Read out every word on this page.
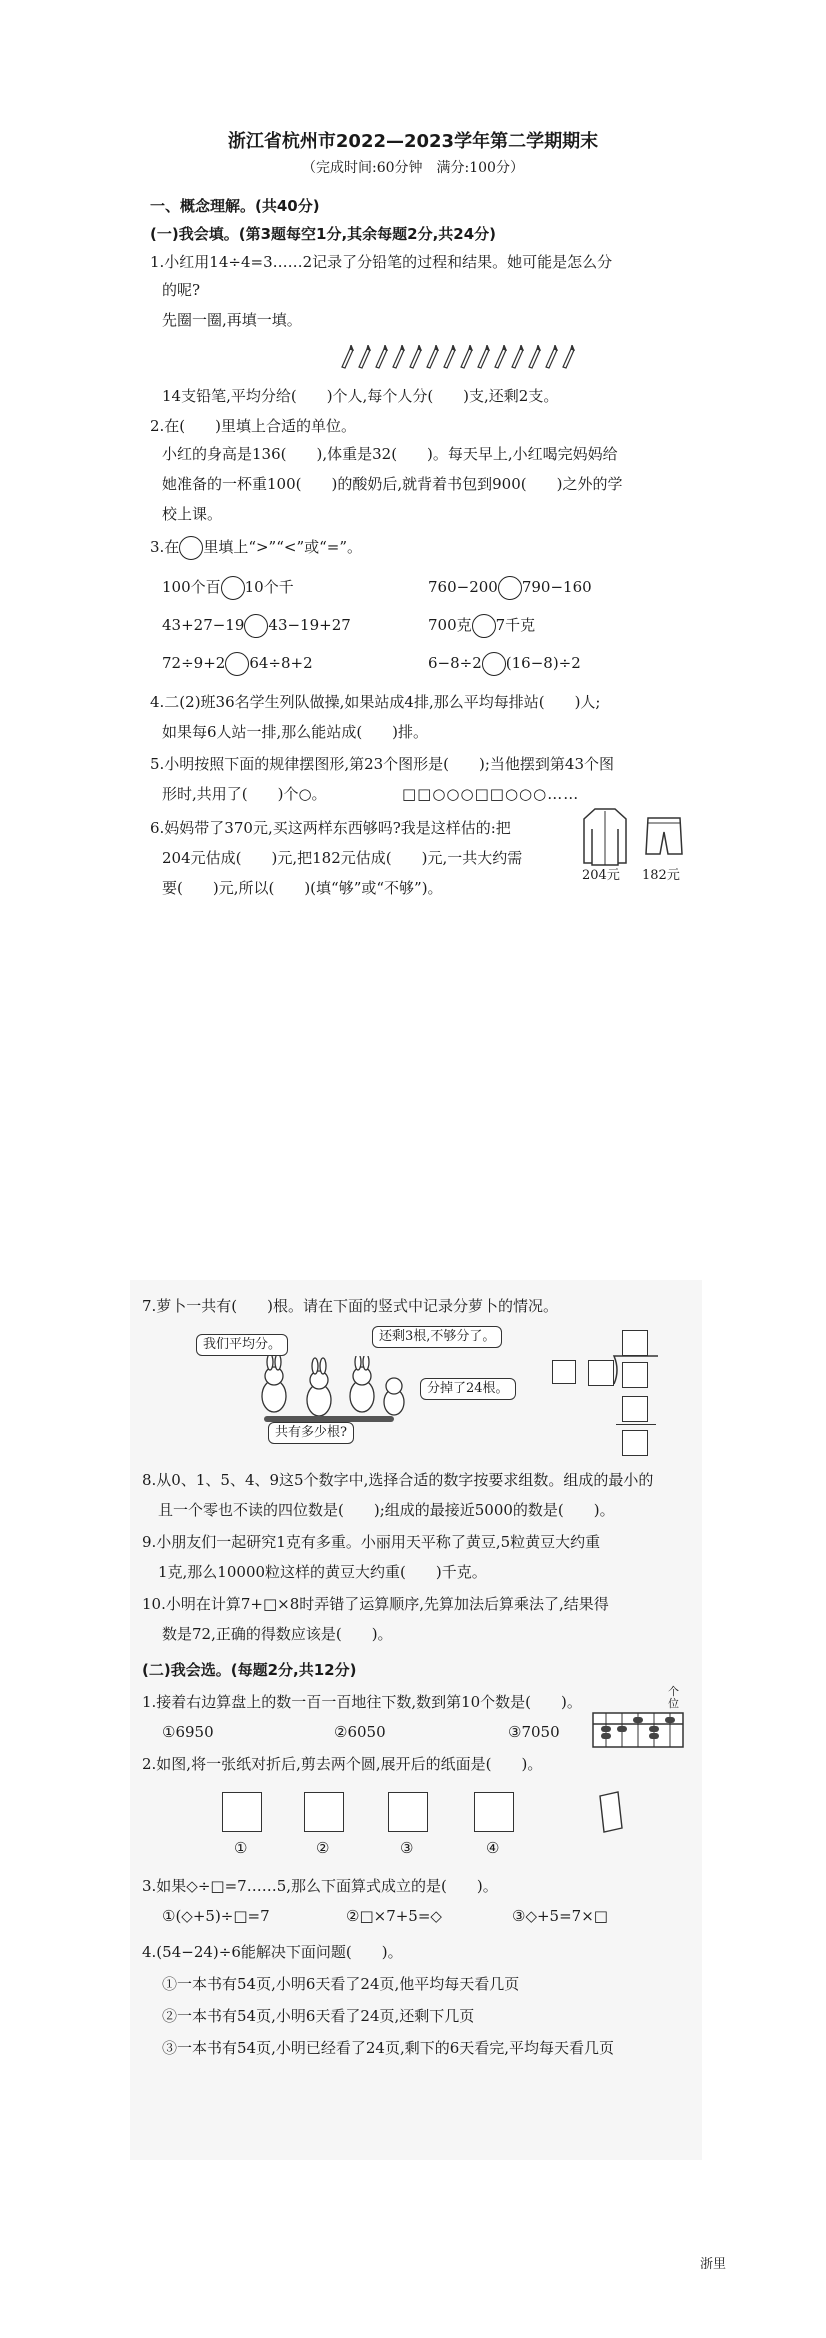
浙江省杭州市2022—2023学年第二学期期末
（完成时间:60分钟　满分:100分）
一、概念理解。(共40分)
(一)我会填。(第3题每空1分,其余每题2分,共24分)
1.小红用14÷4=3……2记录了分铅笔的过程和结果。她可能是怎么分
的呢?
先圈一圈,再填一填。
14支铅笔,平均分给(　　)个人,每个人分(　　)支,还剩2支。
2.在(　　)里填上合适的单位。
小红的身高是136(　　),体重是32(　　)。每天早上,小红喝完妈妈给
她准备的一杯重100(　　)的酸奶后,就背着书包到900(　　)之外的学
校上课。
3.在 里填上“>”“<”或“=”。
100个百 10个千	760−200 790−160
43+27−19 43−19+27	700克 7千克
72÷9+2 64÷8+2	6−8÷2 (16−8)÷2
4.二(2)班36名学生列队做操,如果站成4排,那么平均每排站(　　)人;
如果每6人站一排,那么能站成(　　)排。
5.小明按照下面的规律摆图形,第23个图形是(　　);当他摆到第43个图
形时,共用了(　　)个○。	□□○○○□□○○○……
6.妈妈带了370元,买这两样东西够吗?我是这样估的:把
204元估成(　　)元,把182元估成(　　)元,一共大约需
要(　　)元,所以(　　)(填“够”或“不够”)。
204元 182元
7.萝卜一共有(　　)根。请在下面的竖式中记录分萝卜的情况。
我们平均分。
还剩3根,不够分了。
分掉了24根。
共有多少根?
8.从0、1、5、4、9这5个数字中,选择合适的数字按要求组数。组成的最小的
且一个零也不读的四位数是(　　);组成的最接近5000的数是(　　)。
9.小朋友们一起研究1克有多重。小丽用天平称了黄豆,5粒黄豆大约重
1克,那么10000粒这样的黄豆大约重(　　)千克。
10.小明在计算7+□×8时弄错了运算顺序,先算加法后算乘法了,结果得
数是72,正确的得数应该是(　　)。
(二)我会选。(每题2分,共12分)
1.接着右边算盘上的数一百一百地往下数,数到第10个数是(　　)。
①6950	②6050	③7050
个位
2.如图,将一张纸对折后,剪去两个圆,展开后的纸面是(　　)。
①	②	③	④
3.如果◇÷□=7……5,那么下面算式成立的是(　　)。
①(◇+5)÷□=7	②□×7+5=◇	③◇+5=7×□
4.(54−24)÷6能解决下面问题(　　)。
①一本书有54页,小明6天看了24页,他平均每天看几页
②一本书有54页,小明6天看了24页,还剩下几页
③一本书有54页,小明已经看了24页,剩下的6天看完,平均每天看几页
浙里
